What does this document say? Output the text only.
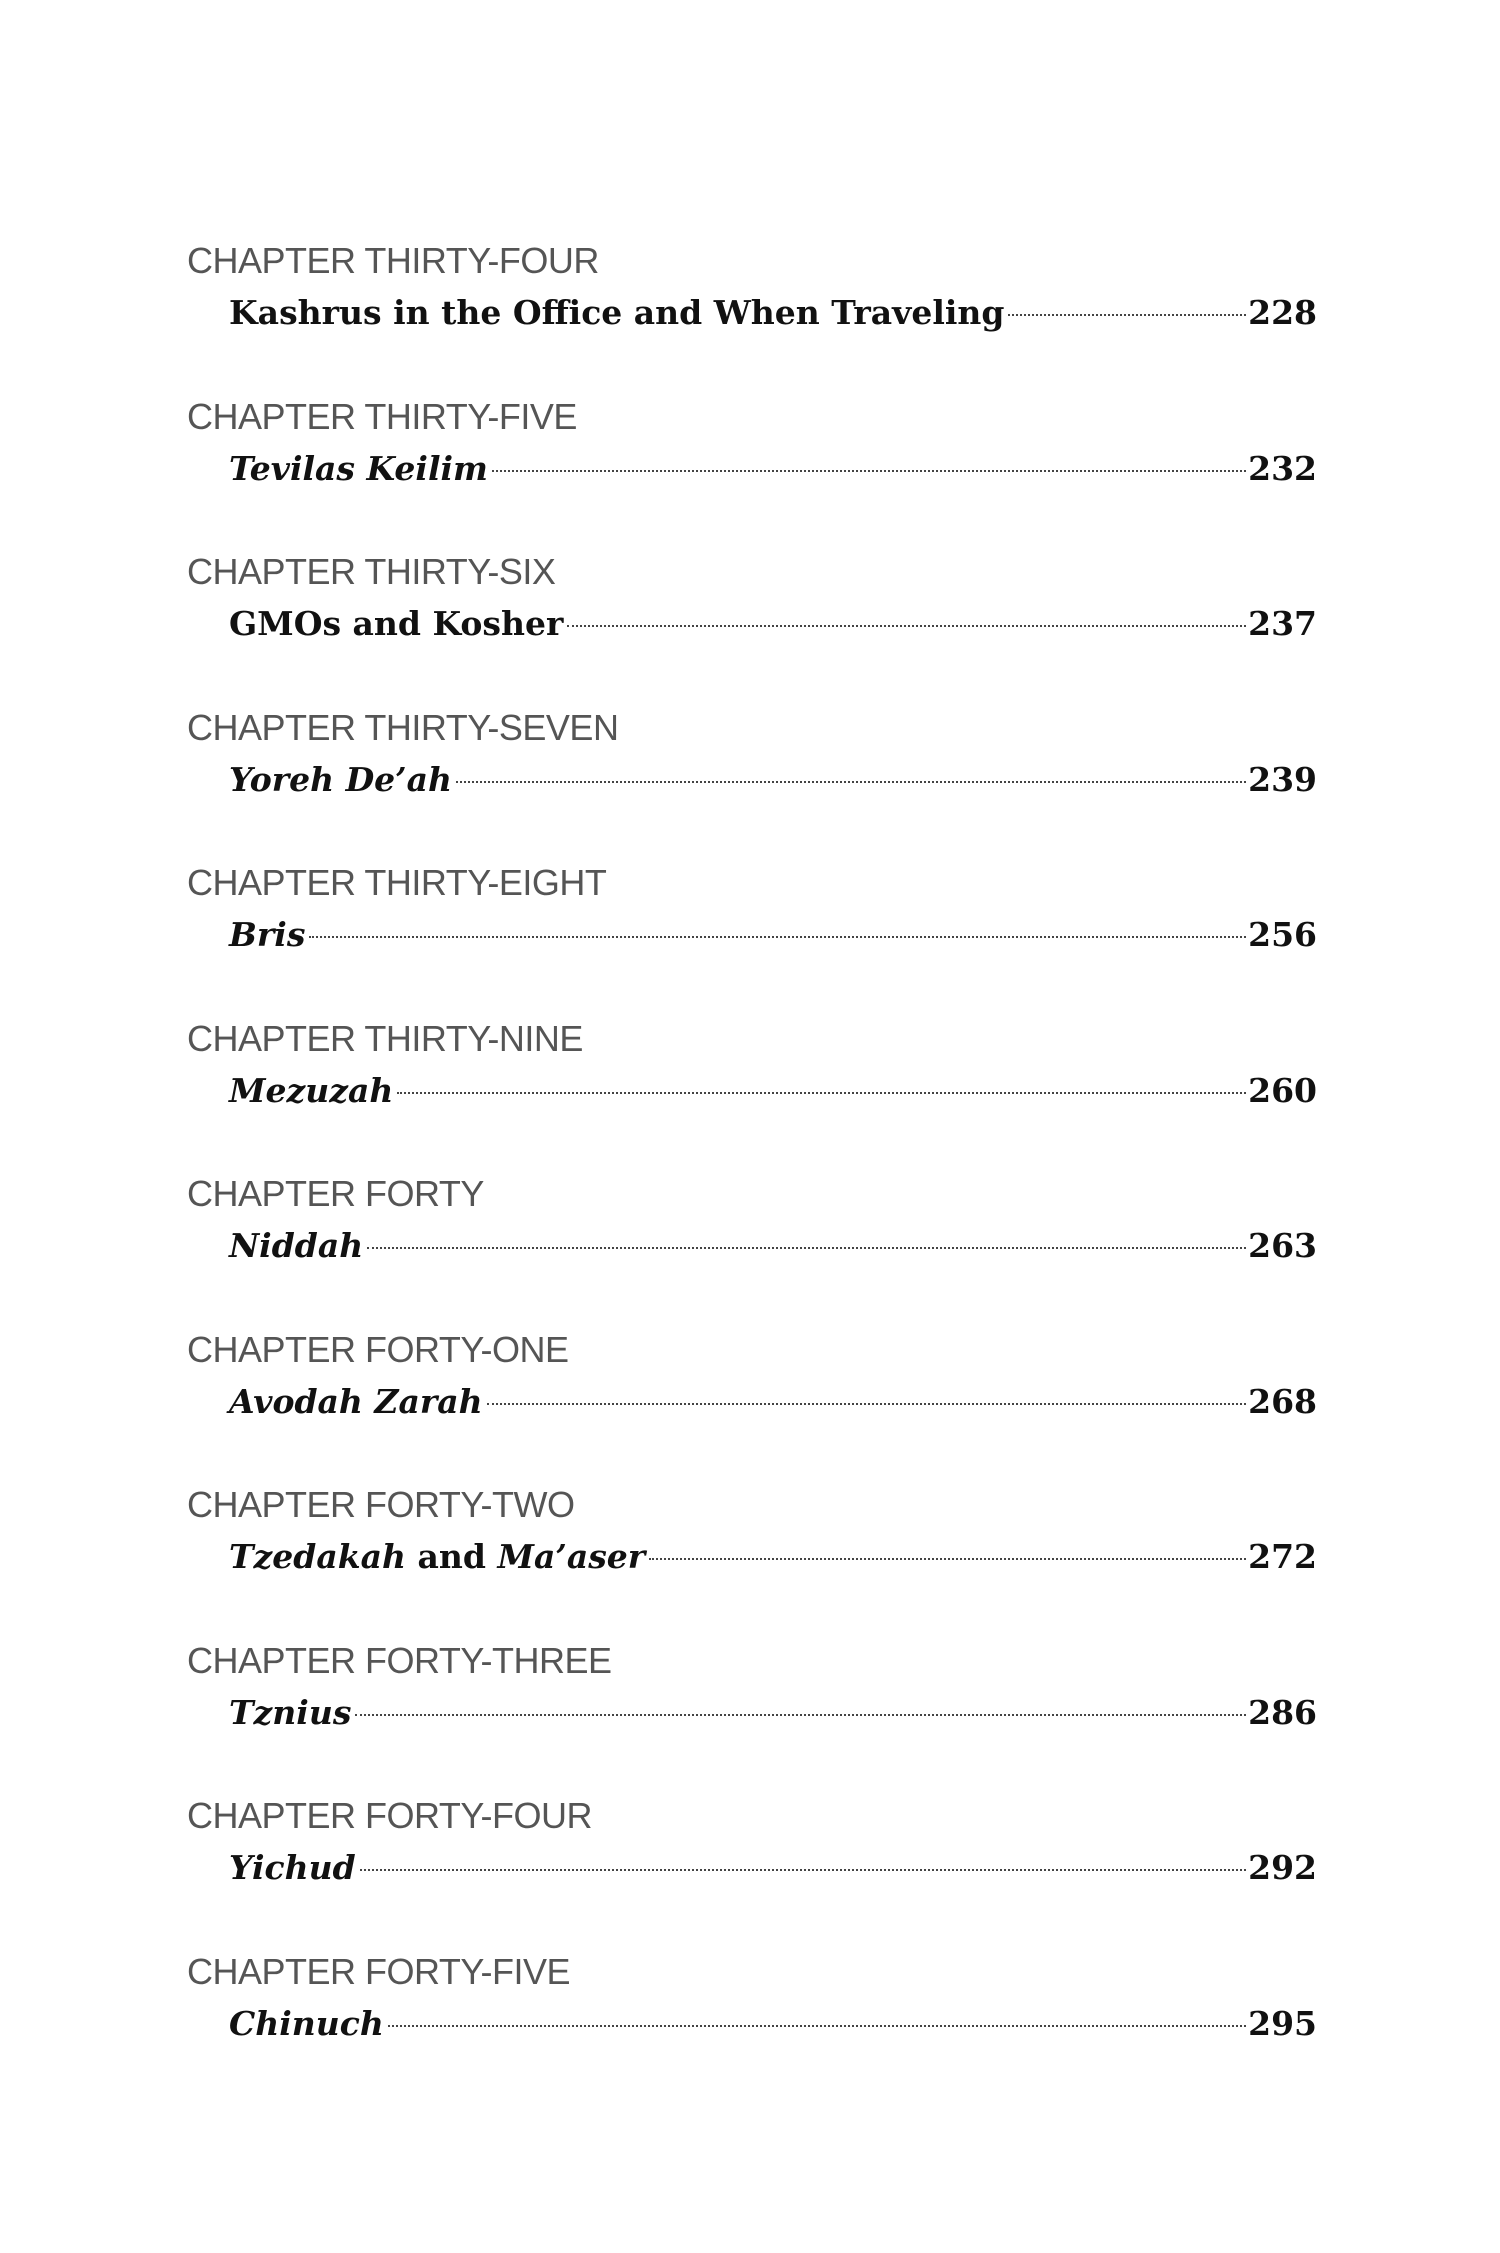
CHAPTER THIRTY-FOUR
Kashrus in the Office and When Traveling	228
CHAPTER THIRTY-FIVE
Tevilas Keilim	232
CHAPTER THIRTY-SIX
GMOs and Kosher	237
CHAPTER THIRTY-SEVEN
Yoreh De’ah	239
CHAPTER THIRTY-EIGHT
Bris	256
CHAPTER THIRTY-NINE
Mezuzah	260
CHAPTER FORTY
Niddah	263
CHAPTER FORTY-ONE
Avodah Zarah	268
CHAPTER FORTY-TWO
Tzedakah and Ma’aser	272
CHAPTER FORTY-THREE
Tznius	286
CHAPTER FORTY-FOUR
Yichud	292
CHAPTER FORTY-FIVE
Chinuch	295
